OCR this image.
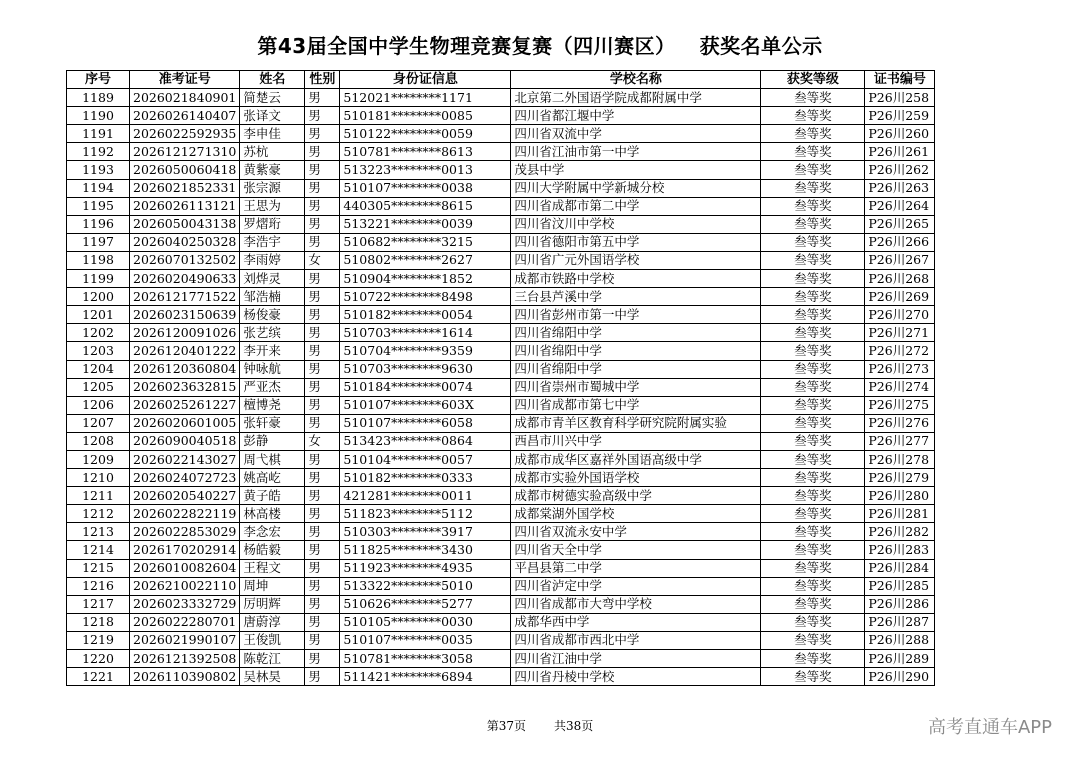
第43届全国中学生物理竞赛复赛（四川赛区） 获奖名单公示
序号	准考证号	姓名	性别	身份证信息	学校名称	获奖等级	证书编号
1189	2026021840901	简楚云	男	512021********1171	北京第二外国语学院成都附属中学	叁等奖	P26川258
1190	2026026140407	张译文	男	510181********0085	四川省都江堰中学	叁等奖	P26川259
1191	2026022592935	李申佳	男	510122********0059	四川省双流中学	叁等奖	P26川260
1192	2026121271310	苏杭	男	510781********8613	四川省江油市第一中学	叁等奖	P26川261
1193	2026050060418	黄紫豪	男	513223********0013	茂县中学	叁等奖	P26川262
1194	2026021852331	张宗源	男	510107********0038	四川大学附属中学新城分校	叁等奖	P26川263
1195	2026026113121	王思为	男	440305********8615	四川省成都市第二中学	叁等奖	P26川264
1196	2026050043138	罗熠珩	男	513221********0039	四川省汶川中学校	叁等奖	P26川265
1197	2026040250328	李浩宇	男	510682********3215	四川省德阳市第五中学	叁等奖	P26川266
1198	2026070132502	李雨婷	女	510802********2627	四川省广元外国语学校	叁等奖	P26川267
1199	2026020490633	刘烨灵	男	510904********1852	成都市铁路中学校	叁等奖	P26川268
1200	2026121771522	邹浩楠	男	510722********8498	三台县芦溪中学	叁等奖	P26川269
1201	2026023150639	杨俊豪	男	510182********0054	四川省彭州市第一中学	叁等奖	P26川270
1202	2026120091026	张艺缤	男	510703********1614	四川省绵阳中学	叁等奖	P26川271
1203	2026120401222	李开来	男	510704********9359	四川省绵阳中学	叁等奖	P26川272
1204	2026120360804	钟咏航	男	510703********9630	四川省绵阳中学	叁等奖	P26川273
1205	2026023632815	严亚杰	男	510184********0074	四川省崇州市蜀城中学	叁等奖	P26川274
1206	2026025261227	檀博尧	男	510107********603X	四川省成都市第七中学	叁等奖	P26川275
1207	2026020601005	张轩豪	男	510107********6058	成都市青羊区教育科学研究院附属实验	叁等奖	P26川276
1208	2026090040518	彭静	女	513423********0864	西昌市川兴中学	叁等奖	P26川277
1209	2026022143027	周弋棋	男	510104********0057	成都市成华区嘉祥外国语高级中学	叁等奖	P26川278
1210	2026024072723	姚高屹	男	510182********0333	成都市实验外国语学校	叁等奖	P26川279
1211	2026020540227	黄子皓	男	421281********0011	成都市树德实验高级中学	叁等奖	P26川280
1212	2026022822119	林高楼	男	511823********5112	成都棠湖外国学校	叁等奖	P26川281
1213	2026022853029	李念宏	男	510303********3917	四川省双流永安中学	叁等奖	P26川282
1214	2026170202914	杨皓毅	男	511825********3430	四川省天全中学	叁等奖	P26川283
1215	2026010082604	王程文	男	511923********4935	平昌县第二中学	叁等奖	P26川284
1216	2026210022110	周坤	男	513322********5010	四川省泸定中学	叁等奖	P26川285
1217	2026023332729	厉明辉	男	510626********5277	四川省成都市大弯中学校	叁等奖	P26川286
1218	2026022280701	唐蔚淳	男	510105********0030	成都华西中学	叁等奖	P26川287
1219	2026021990107	王俊凯	男	510107********0035	四川省成都市西北中学	叁等奖	P26川288
1220	2026121392508	陈乾江	男	510781********3058	四川省江油中学	叁等奖	P26川289
1221	2026110390802	吴林昊	男	511421********6894	四川省丹棱中学校	叁等奖	P26川290
第37页 共38页	高考直通车APP
